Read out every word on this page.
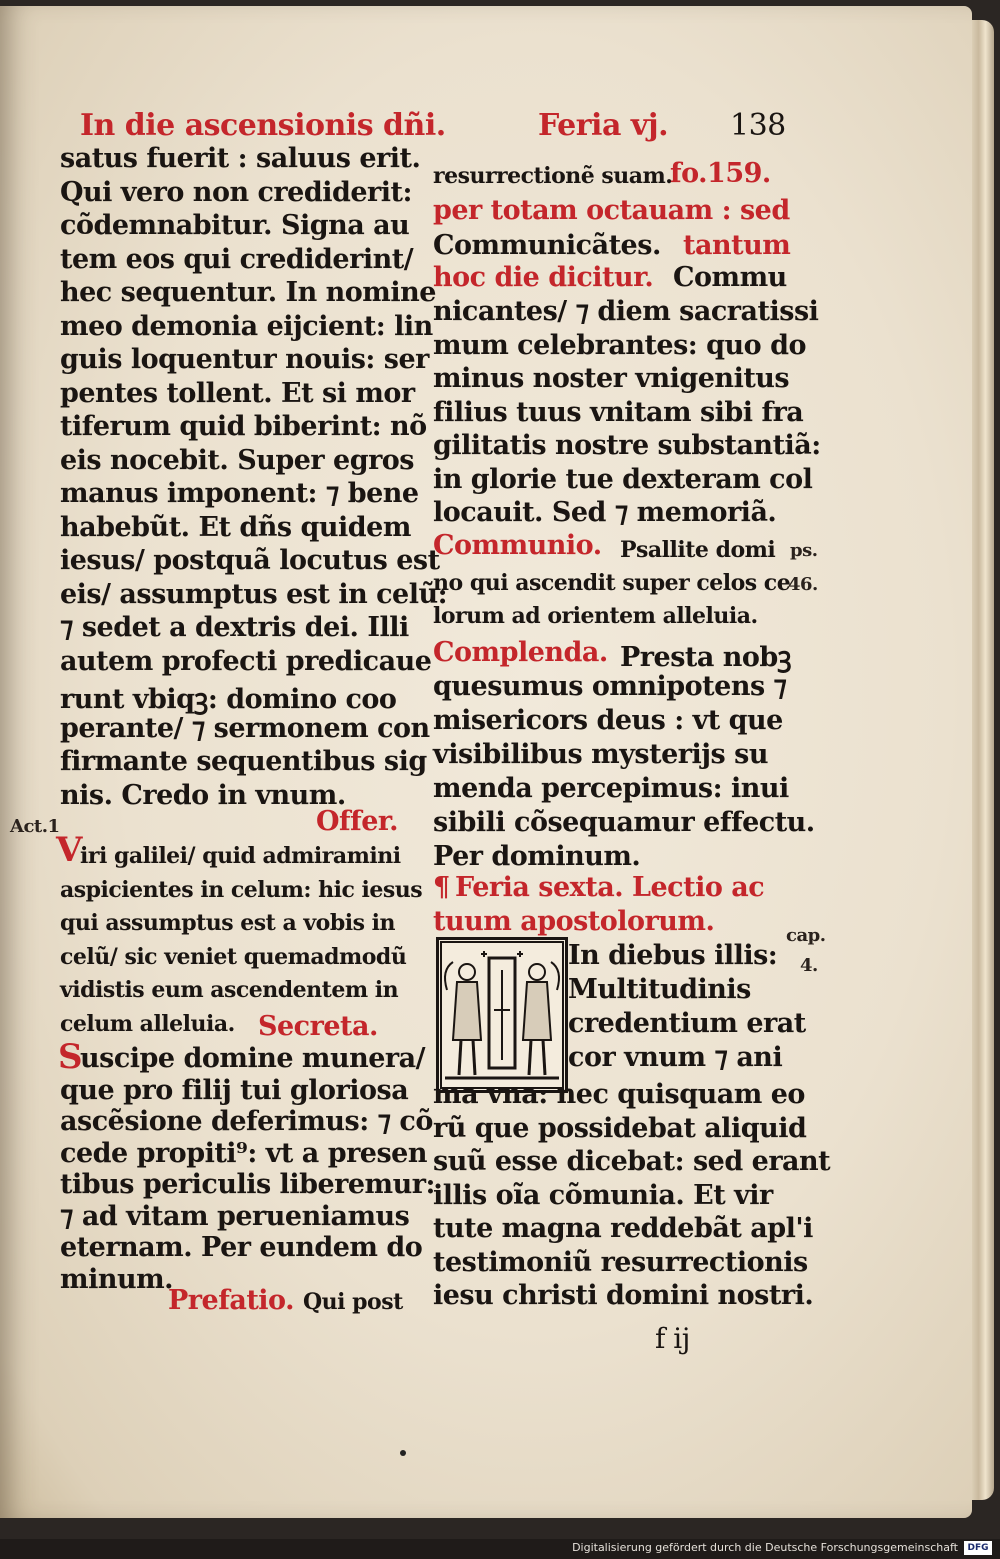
In die ascensionis dñi.	Feria vj. 138
satus fuerit : saluus erit.
Qui vero non crediderit:
cõdemnabitur. Signa au
tem eos qui crediderint/
hec sequentur. In nomine
meo demonia eijcient: lin
guis loquentur nouis: ser
pentes tollent. Et si mor
tiferum quid biberint: nõ
eis nocebit. Super egros
manus imponent: ⁊ bene
habebũt. Et dñs quidem
iesus/ postquã locutus est
eis/ assumptus est in celũ:
⁊ sedet a dextris dei. Illi
autem profecti predicaue
runt vbiqꝫ: domino coo
perante/ ⁊ sermonem con
firmante sequentibus sig
nis. Credo in vnum.
Offer.
V
iri galilei/ quid admiramini
aspicientes in celum: hic iesus
qui assumptus est a vobis in
celũ/ sic veniet quemadmodũ
vidistis eum ascendentem in
celum alleluia. Secreta.
S
uscipe domine munera/
que pro filij tui gloriosa
ascẽsione deferimus: ⁊ cõ
cede propiti⁹: vt a presen
tibus periculis liberemur:
⁊ ad vitam perueniamus
eternam. Per eundem do
minum.
Prefatio. Qui post
resurrectionẽ suam.
fo.159.
per totam octauam : sed
Communicãtes. tantum
hoc die dicitur. Commu
nicantes/ ⁊ diem sacratissi
mum celebrantes: quo do
minus noster vnigenitus
filius tuus vnitam sibi fra
gilitatis nostre substantiã:
in glorie tue dexteram col
locauit. Sed ⁊ memoriã.
Communio. Psallite domi
no qui ascendit super celos ce
lorum ad orientem alleluia.
Complenda. Presta nobꝫ
quesumus omnipotens ⁊
misericors deus : vt que
visibilibus mysterijs su
menda percepimus: inui
sibili cõsequamur effectu.
Per dominum.
¶ Feria sexta. Lectio ac
tuum apostolorum.
In diebus illis:
Multitudinis
credentium erat
cor vnum ⁊ ani
ma vna: nec quisquam eo
rũ que possidebat aliquid
suũ esse dicebat: sed erant
illis oĩa cõmunia. Et vir
tute magna reddebãt apl'i
testimoniũ resurrectionis
iesu christi domini nostri.
f ij
ps.
46.
Act.1
cap.
4.
Digitalisierung gefördert durch die Deutsche Forschungsgemeinschaft	DFG
